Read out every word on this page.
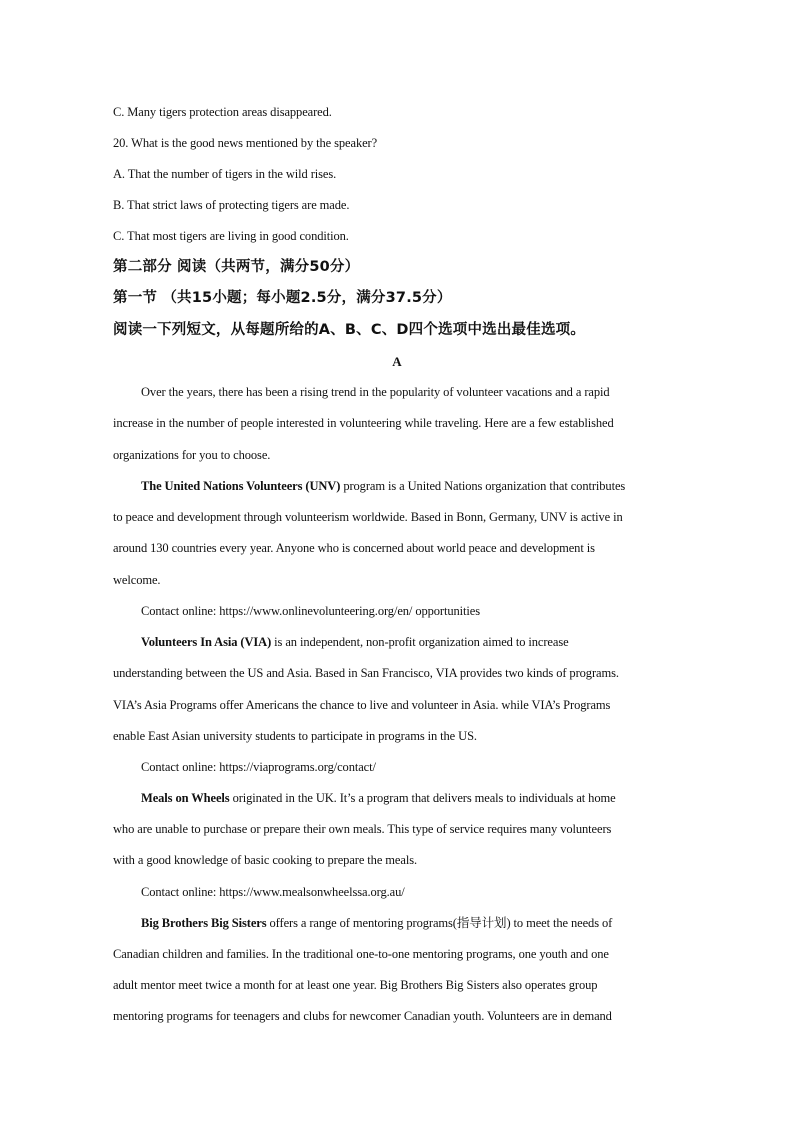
C. Many tigers protection areas disappeared.
20. What is the good news mentioned by the speaker?
A. That the number of tigers in the wild rises.
B. That strict laws of protecting tigers are made.
C. That most tigers are living in good condition.
第二部分 阅读（共两节，满分50分）
第一节 （共15小题；每小题2.5分，满分37.5分）
阅读一下列短文，从每题所给的A、B、C、D四个选项中选出最佳选项。
A
Over the years, there has been a rising trend in the popularity of volunteer vacations and a rapid
increase in the number of people interested in volunteering while traveling. Here are a few established
organizations for you to choose.
The United Nations Volunteers (UNV) program is a United Nations organization that contributes
to peace and development through volunteerism worldwide. Based in Bonn, Germany, UNV is active in
around 130 countries every year. Anyone who is concerned about world peace and development is
welcome.
Contact online: https://www.onlinevolunteering.org/en/ opportunities
Volunteers In Asia (VIA) is an independent, non-profit organization aimed to increase
understanding between the US and Asia. Based in San Francisco, VIA provides two kinds of programs.
VIA’s Asia Programs offer Americans the chance to live and volunteer in Asia. while VIA’s Programs
enable East Asian university students to participate in programs in the US.
Contact online: https://viaprograms.org/contact/
Meals on Wheels originated in the UK. It’s a program that delivers meals to individuals at home
who are unable to purchase or prepare their own meals. This type of service requires many volunteers
with a good knowledge of basic cooking to prepare the meals.
Contact online: https://www.mealsonwheelssa.org.au/
Big Brothers Big Sisters offers a range of mentoring programs(指导计划) to meet the needs of
Canadian children and families. In the traditional one-to-one mentoring programs, one youth and one
adult mentor meet twice a month for at least one year. Big Brothers Big Sisters also operates group
mentoring programs for teenagers and clubs for newcomer Canadian youth. Volunteers are in demand
